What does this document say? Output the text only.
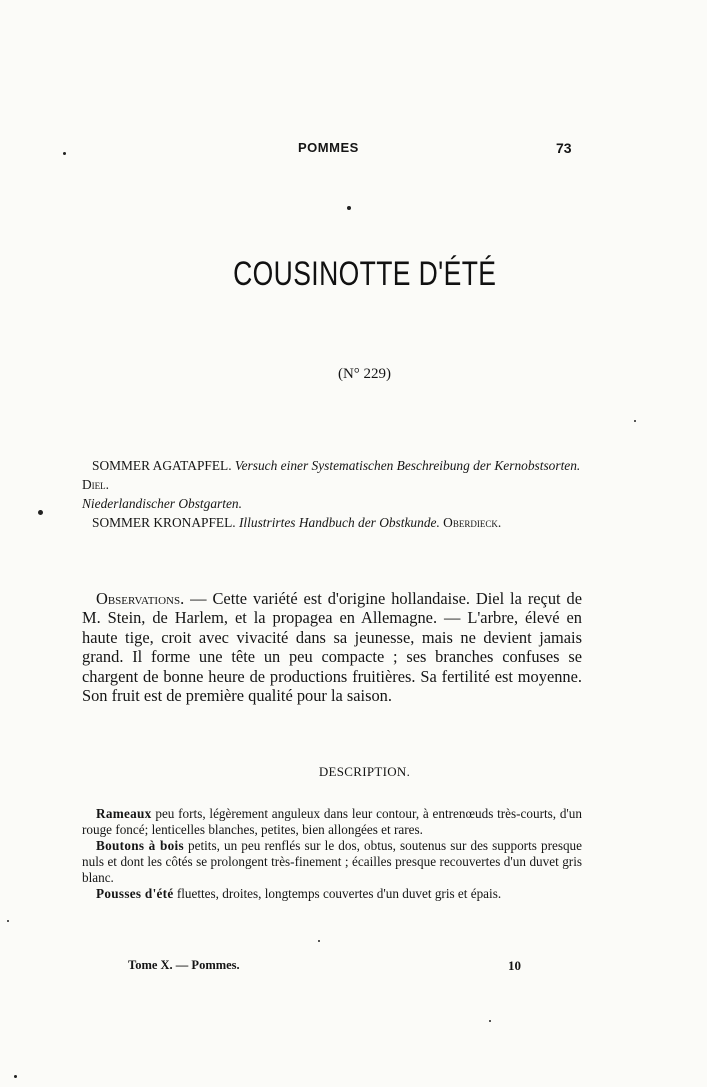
POMMES	73
COUSINOTTE D'ÉTÉ
(N° 229)

SOMMER AGATAPFEL. Versuch einer Systematischen Beschreibung der Kernobstsorten. Diel.

Niederlandischer Obstgarten.

SOMMER KRONAPFEL. Illustrirtes Handbuch der Obstkunde. Oberdieck.

Observations. — Cette variété est d'origine hollandaise. Diel la reçut de M. Stein, de Harlem, et la propagea en Allemagne. — L'arbre, élevé en haute tige, croit avec vivacité dans sa jeunesse, mais ne devient jamais grand. Il forme une tête un peu compacte ; ses branches confuses se chargent de bonne heure de productions fruitières. Sa fertilité est moyenne. Son fruit est de première qualité pour la saison.
DESCRIPTION.

Rameaux peu forts, légèrement anguleux dans leur contour, à entrenœuds très-courts, d'un rouge foncé; lenticelles blanches, petites, bien allongées et rares.

Boutons à bois petits, un peu renflés sur le dos, obtus, soutenus sur des supports presque nuls et dont les côtés se prolongent très-finement ; écailles presque recouvertes d'un duvet gris blanc.

Pousses d'été fluettes, droites, longtemps couvertes d'un duvet gris et épais.

Tome X. — Pommes.	10
